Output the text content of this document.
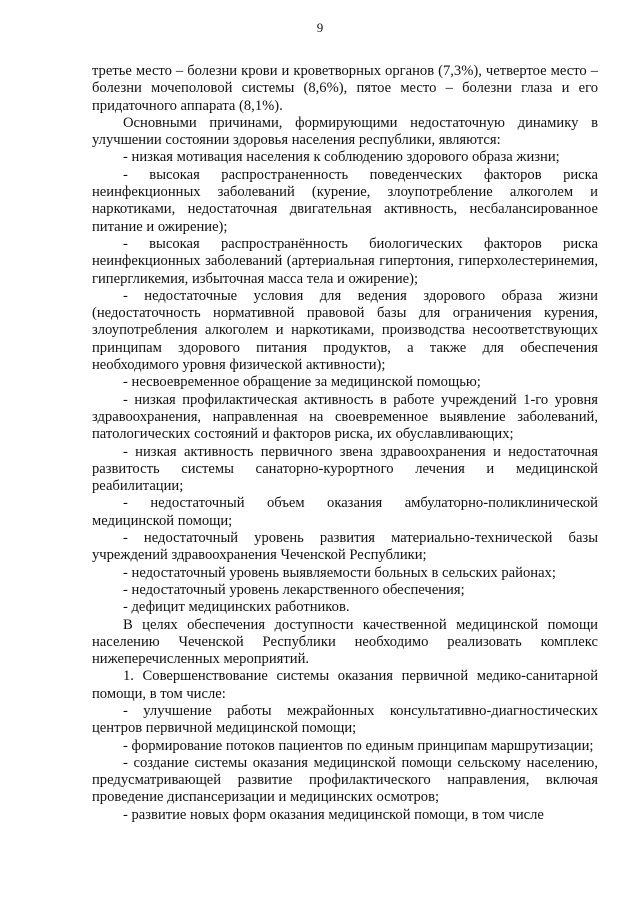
9

третье место – болезни крови и кроветворных органов (7,3%), четвертое место – болезни мочеполовой системы (8,6%), пятое место – болезни глаза и его придаточного аппарата (8,1%).

Основными причинами, формирующими недостаточную динамику в улучшении состоянии здоровья населения республики, являются:

- низкая мотивация населения к соблюдению здорового образа жизни;

- высокая распространенность поведенческих факторов риска неинфекционных заболеваний (курение, злоупотребление алкоголем и наркотиками, недостаточная двигательная активность, несбалансированное питание и ожирение);

- высокая распространённость биологических факторов риска неинфекционных заболеваний (артериальная гипертония, гиперхолестеринемия, гипергликемия, избыточная масса тела и ожирение);

- недостаточные условия для ведения здорового образа жизни (недостаточность нормативной правовой базы для ограничения курения, злоупотребления алкоголем и наркотиками, производства несоответствующих принципам здорового питания продуктов, а также для обеспечения необходимого уровня физической активности);

- несвоевременное обращение за медицинской помощью;

- низкая профилактическая активность в работе учреждений 1-го уровня здравоохранения, направленная на своевременное выявление заболеваний, патологических состояний и факторов риска, их обуславливающих;

- низкая активность первичного звена здравоохранения и недостаточная развитость системы санаторно-курортного лечения и медицинской реабилитации;

- недостаточный объем оказания амбулаторно-поликлинической медицинской помощи;

- недостаточный уровень развития материально-технической базы учреждений здравоохранения Чеченской Республики;

- недостаточный уровень выявляемости больных в сельских районах;

- недостаточный уровень лекарственного обеспечения;

- дефицит медицинских работников.

В целях обеспечения доступности качественной медицинской помощи населению Чеченской Республики необходимо реализовать комплекс нижеперечисленных мероприятий.

1. Совершенствование системы оказания первичной медико-санитарной помощи, в том числе:

- улучшение работы межрайонных консультативно-диагностических центров первичной медицинской помощи;

- формирование потоков пациентов по единым принципам маршрутизации;

- создание системы оказания медицинской помощи сельскому населению, предусматривающей развитие профилактического направления, включая проведение диспансеризации и медицинских осмотров;

- развитие новых форм оказания медицинской помощи, в том числе
